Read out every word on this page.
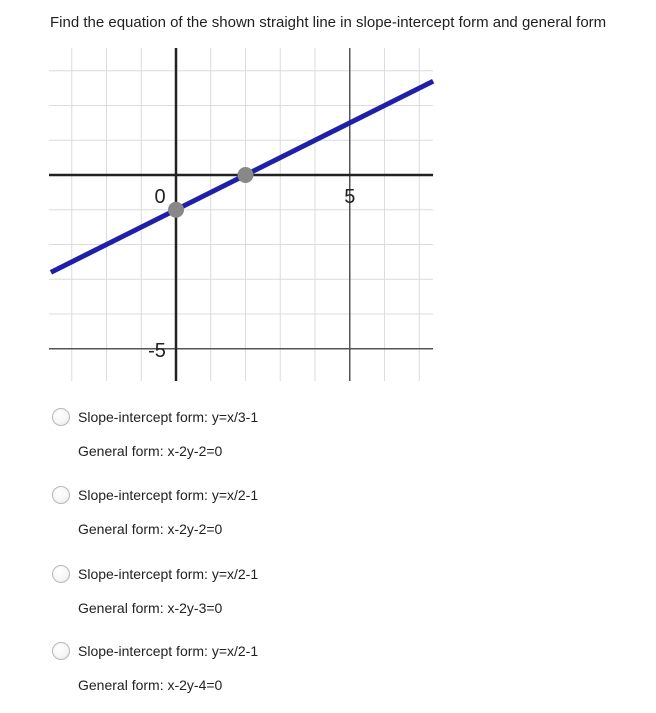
Find the equation of the shown straight line in slope-intercept form and general form
0	5
-5
Slope-intercept form: y=x/3-1
General form: x-2y-2=0
Slope-intercept form: y=x/2-1
General form: x-2y-2=0
Slope-intercept form: y=x/2-1
General form: x-2y-3=0
Slope-intercept form: y=x/2-1
General form: x-2y-4=0
